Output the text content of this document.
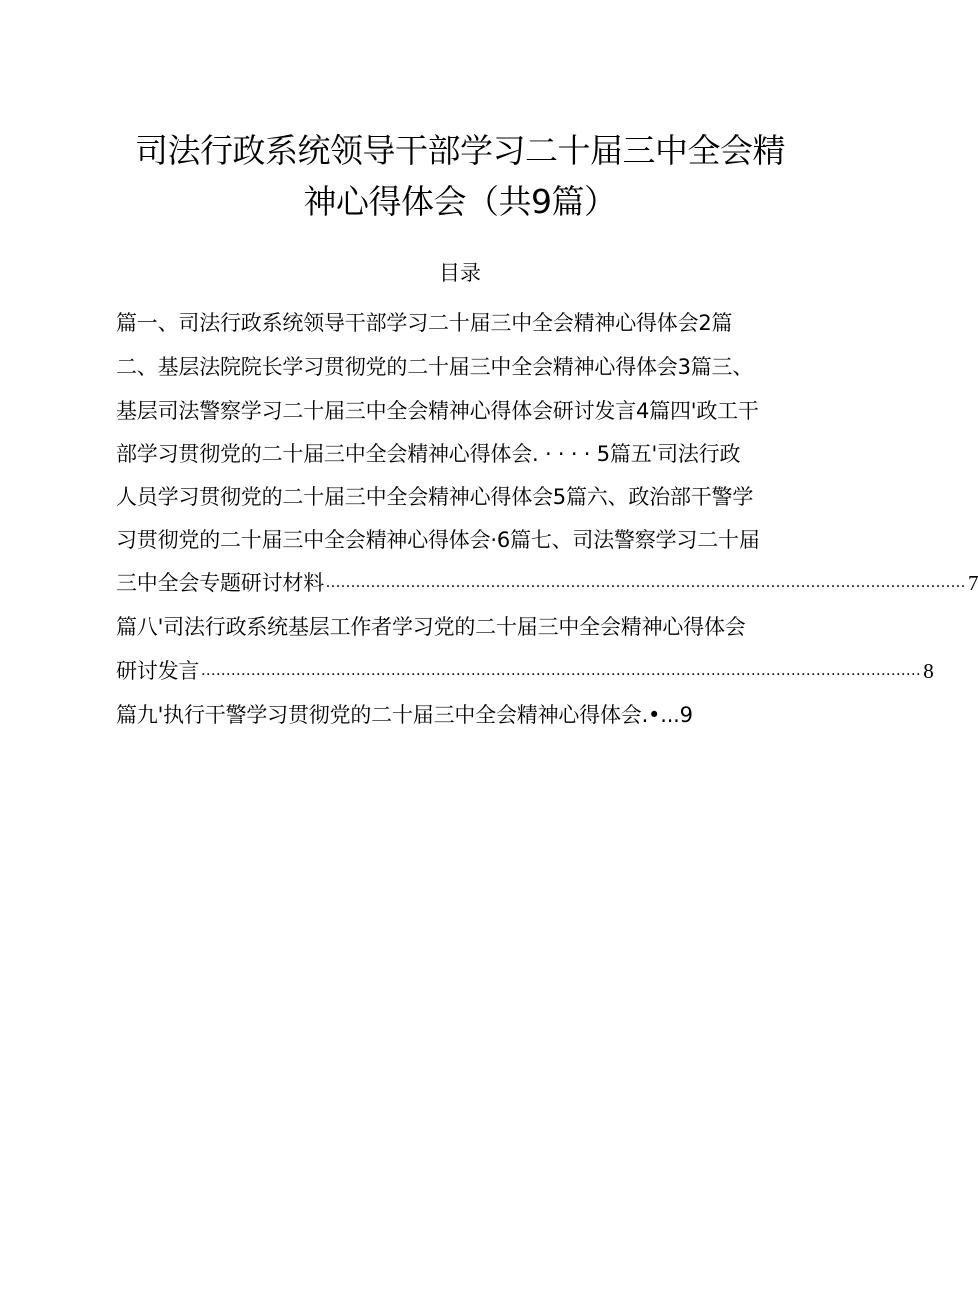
司法行政系统领导干部学习二十届三中全会精
神心得体会（共9篇）
目录
篇一、司法行政系统领导干部学习二十届三中全会精神心得体会2篇
二、基层法院院长学习贯彻党的二十届三中全会精神心得体会3篇三、
基层司法警察学习二十届三中全会精神心得体会研讨发言4篇四'政工干
部学习贯彻党的二十届三中全会精神心得体会. · · · · 5篇五'司法行政
人员学习贯彻党的二十届三中全会精神心得体会5篇六、政治部干警学
习贯彻党的二十届三中全会精神心得体会·6篇七、司法警察学习二十届
三中全会专题研讨材料 ................................................................................................................................ 7
篇八'司法行政系统基层工作者学习党的二十届三中全会精神心得体会
研讨发言 ................................................................................................................................................ 8
篇九'执行干警学习贯彻党的二十届三中全会精神心得体会.•...9
